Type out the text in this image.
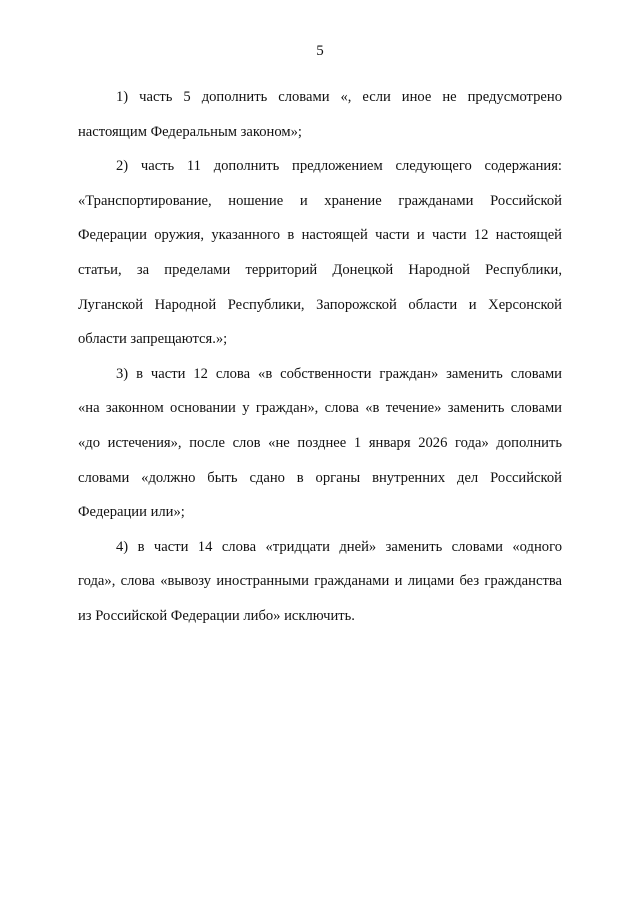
5

1) часть 5 дополнить словами «, если иное не предусмотрено
настоящим Федеральным законом»;

2) часть 11 дополнить предложением следующего содержания:
«Транспортирование, ношение и хранение гражданами Российской
Федерации оружия, указанного в настоящей части и части 12 настоящей
статьи, за пределами территорий Донецкой Народной Республики,
Луганской Народной Республики, Запорожской области и Херсонской
области запрещаются.»;

3) в части 12 слова «в собственности граждан» заменить словами
«на законном основании у граждан», слова «в течение» заменить словами
«до истечения», после слов «не позднее 1 января 2026 года» дополнить
словами «должно быть сдано в органы внутренних дел Российской
Федерации или»;

4) в части 14 слова «тридцати дней» заменить словами «одного
года», слова «вывозу иностранными гражданами и лицами без гражданства
из Российской Федерации либо» исключить.
